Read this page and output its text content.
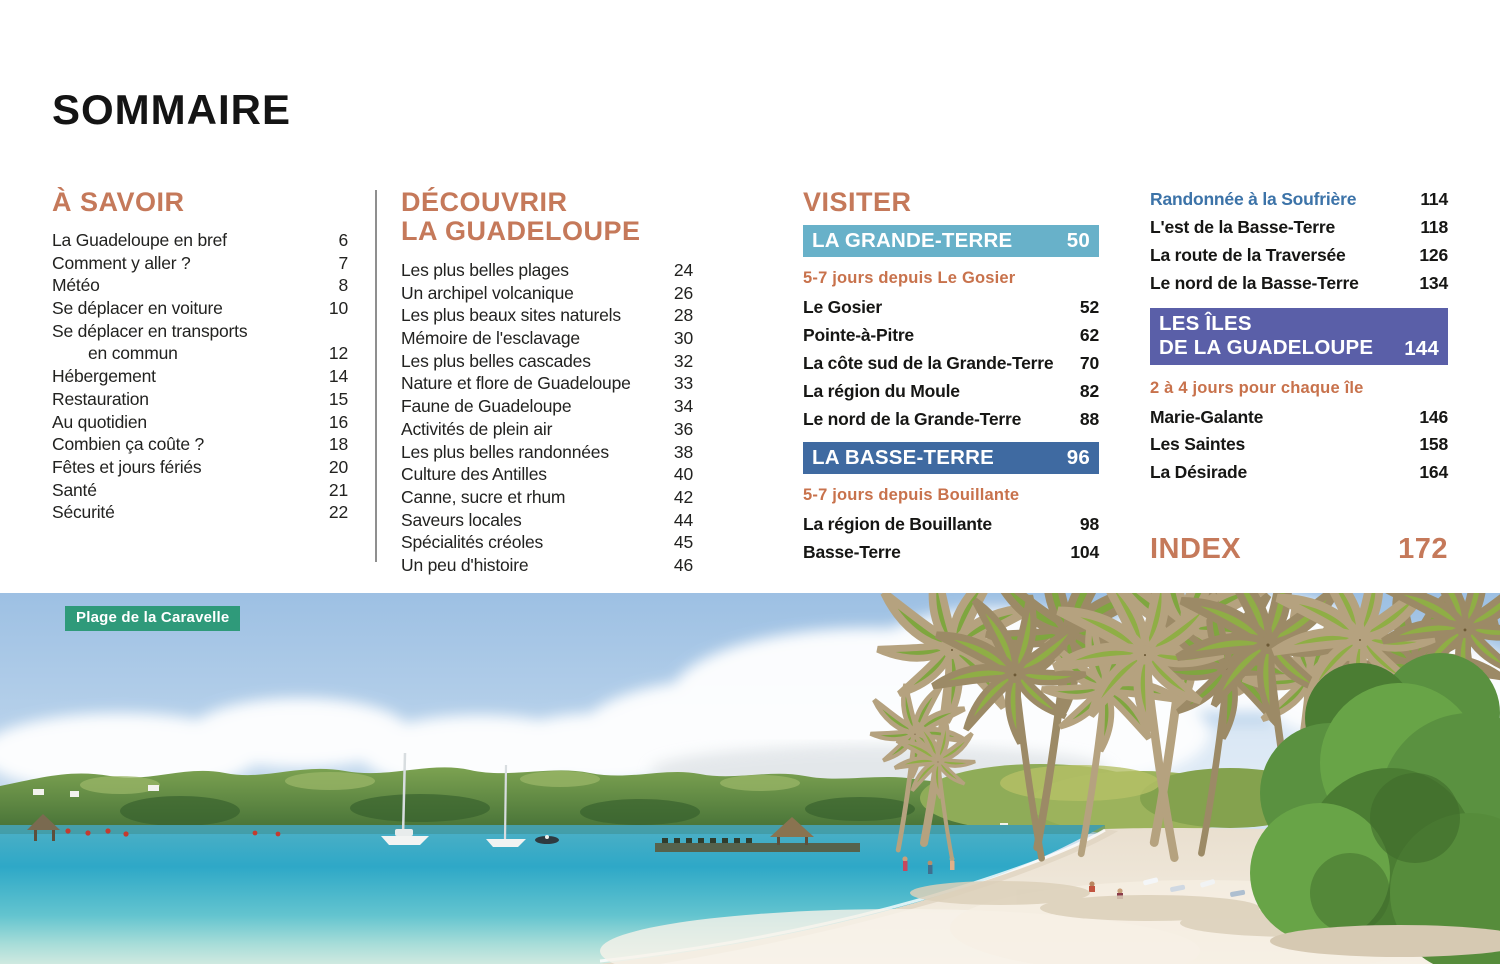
SOMMAIRE
À SAVOIR
La Guadeloupe en bref	6
Comment y aller ?	7
Météo	8
Se déplacer en voiture	10
Se déplacer en transports
en commun	12
Hébergement	14
Restauration	15
Au quotidien	16
Combien ça coûte ?	18
Fêtes et jours fériés	20
Santé	21
Sécurité	22
DÉCOUVRIR
LA GUADELOUPE
Les plus belles plages	24
Un archipel volcanique	26
Les plus beaux sites naturels	28
Mémoire de l'esclavage	30
Les plus belles cascades	32
Nature et flore de Guadeloupe 33
Faune de Guadeloupe	34
Activités de plein air	36
Les plus belles randonnées	38
Culture des Antilles	40
Canne, sucre et rhum	42
Saveurs locales	44
Spécialités créoles	45
Un peu d'histoire	46
VISITER
LA GRANDE-TERRE	50
5-7 jours depuis Le Gosier
Le Gosier	52
Pointe-à-Pitre	62
La côte sud de la Grande-Terre 70
La région du Moule	82
Le nord de la Grande-Terre	88
LA BASSE-TERRE	96
5-7 jours depuis Bouillante
La région de Bouillante	98
Basse-Terre	104
Randonnée à la Soufrière	114
L'est de la Basse-Terre	118
La route de la Traversée	126
Le nord de la Basse-Terre	134
LES ÎLES
DE LA GUADELOUPE 144
2 à 4 jours pour chaque île
Marie-Galante	146
Les Saintes	158
La Désirade	164
INDEX	172
Plage de la Caravelle
